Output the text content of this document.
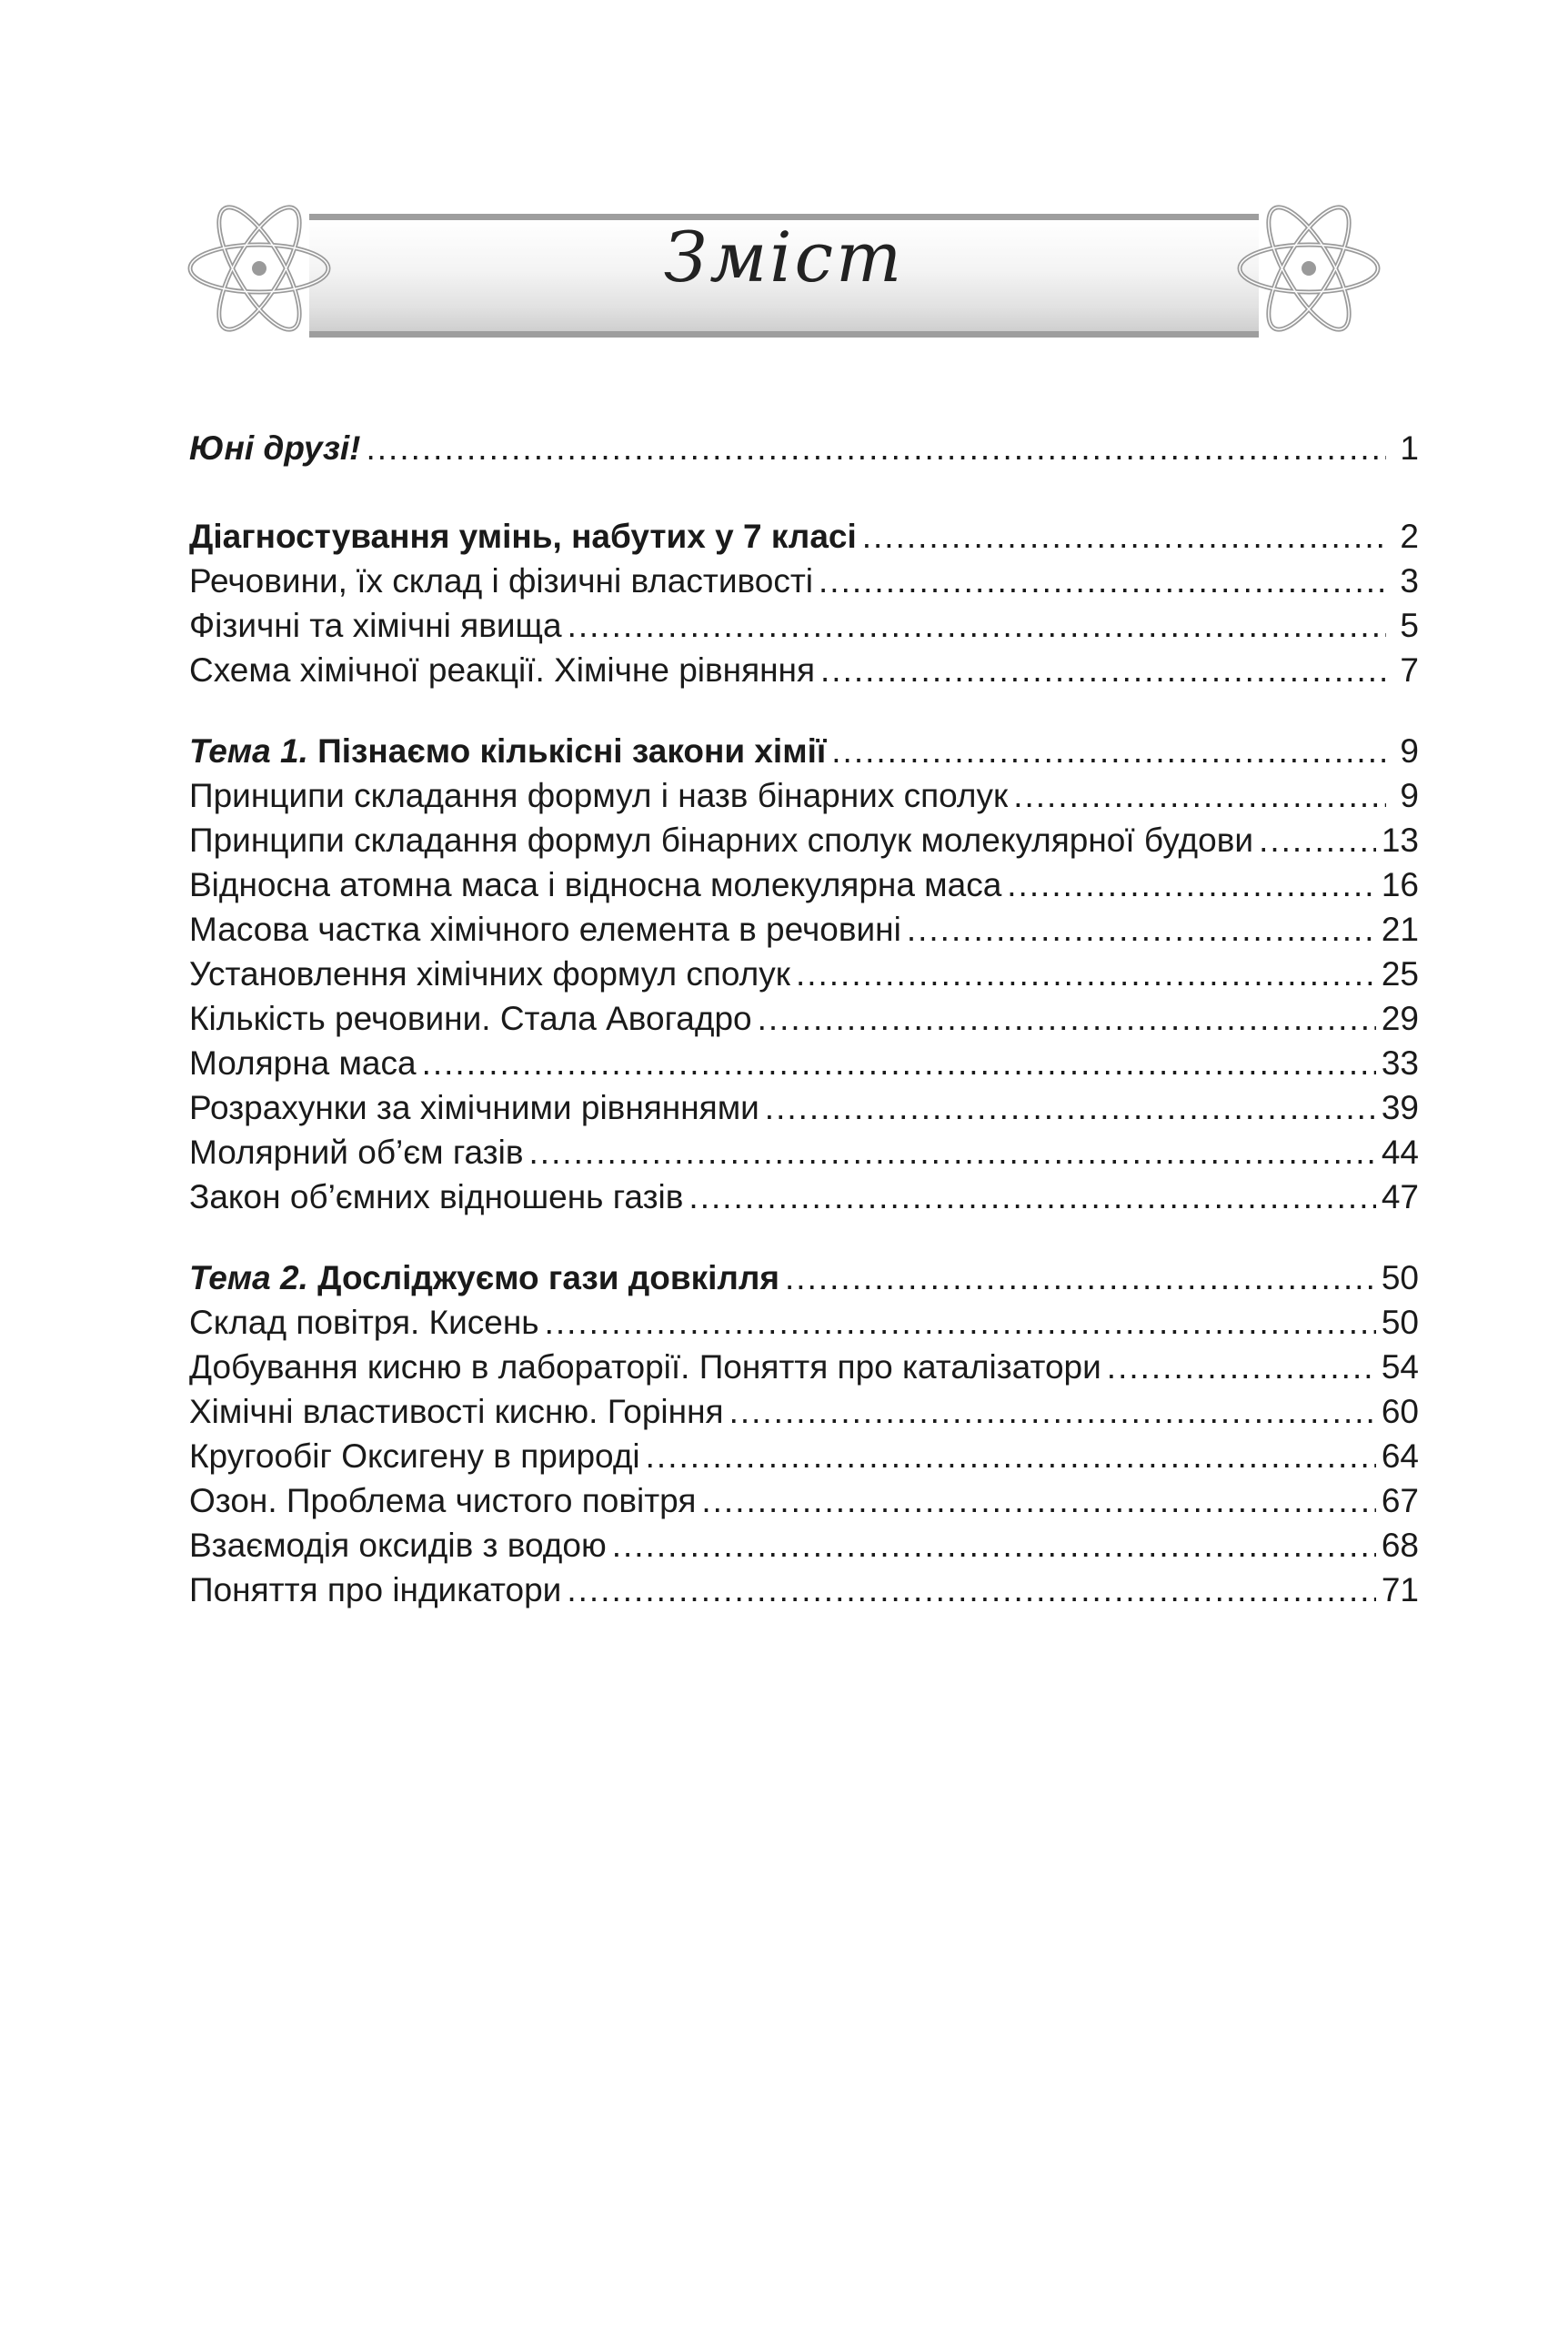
Зміст
Юні друзі! .....	1
Діагностування умінь, набутих у 7 класі .....	2
Речовини, їх склад і фізичні властивості .....	3
Фізичні та хімічні явища .....	5
Схема хімічної реакції. Хімічне рівняння .....	7
Тема 1. Пізнаємо кількісні закони хімії .....	9
Принципи складання формул і назв бінарних сполук .....	9
Принципи складання формул бінарних сполук молекулярної будови .....	13
Відносна атомна маса і відносна молекулярна маса .....	16
Масова частка хімічного елемента в речовині .....	21
Установлення хімічних формул сполук .....	25
Кількість речовини. Стала Авогадро .....	29
Молярна маса .....	33
Розрахунки за хімічними рівняннями .....	39
Молярний об’єм газів .....	44
Закон об’ємних відношень газів .....	47
Тема 2. Досліджуємо гази довкілля .....	50
Склад повітря. Кисень .....	50
Добування кисню в лабораторії. Поняття про каталізатори .....	54
Хімічні властивості кисню. Горіння .....	60
Кругообіг Оксигену в природі .....	64
Озон. Проблема чистого повітря .....	67
Взаємодія оксидів з водою .....	68
Поняття про індикатори .....	71
